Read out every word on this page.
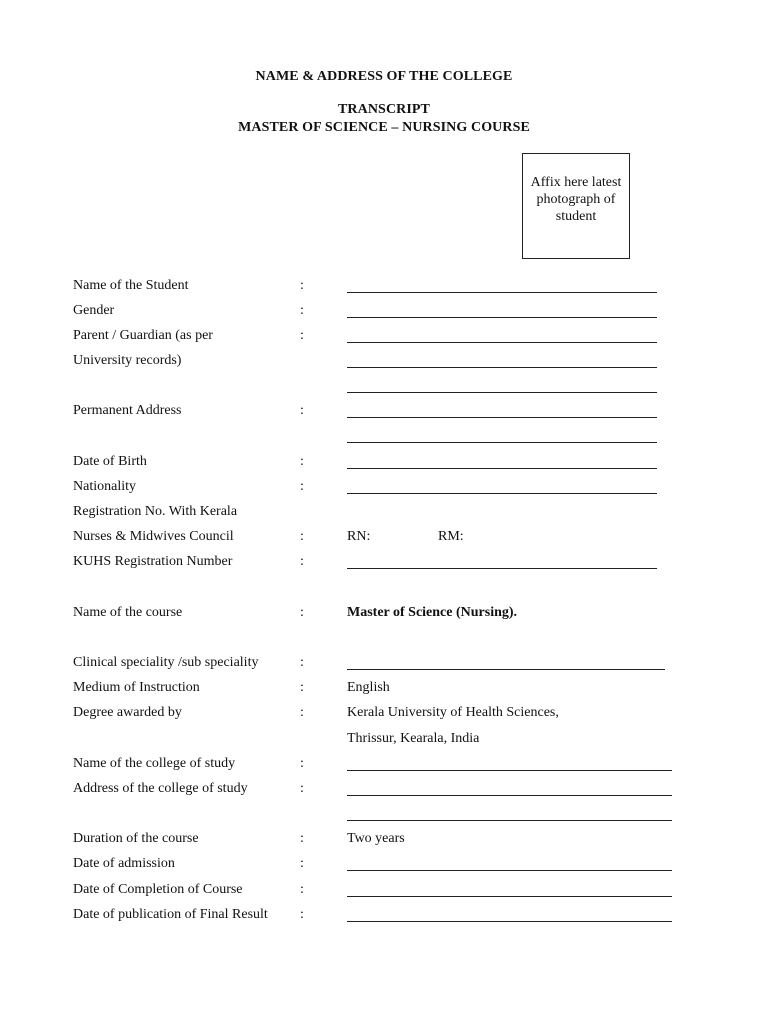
NAME & ADDRESS OF THE COLLEGE
TRANSCRIPT
MASTER OF SCIENCE – NURSING COURSE
Affix here latest
photograph of
student
Name of the Student	:
Gender	:
Parent / Guardian (as per	:
University records)
Permanent Address	:
Date of Birth	:
Nationality	:
Registration No. With Kerala
Nurses & Midwives Council	:	RN:	RM:
KUHS Registration Number	:
Name of the course	:	Master of Science (Nursing).
Clinical speciality /sub speciality	:
Medium of Instruction	:	English
Degree awarded by	:	Kerala University of Health Sciences,
Thrissur, Kearala, India
Name of the college of study	:
Address of the college of study	:
Duration of the course	:	Two years
Date of admission	:
Date of Completion of Course	:
Date of publication of Final Result :
